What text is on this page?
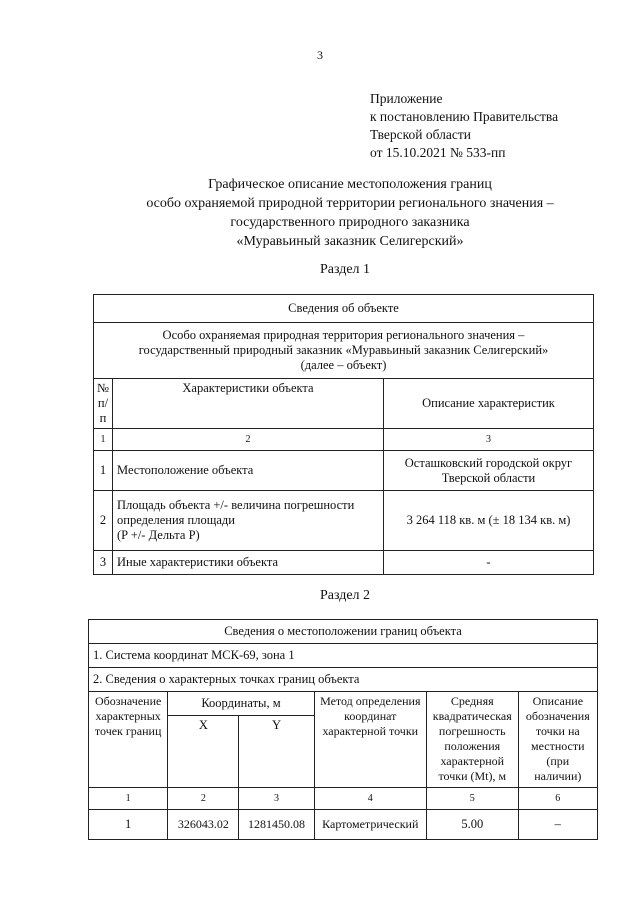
3
Приложение
к постановлению Правительства
Тверской области
от 15.10.2021 № 533-пп
Графическое описание местоположения границ
особо охраняемой природной территории регионального значения –
государственного природного заказника
«Муравьиный заказник Селигерский»
Раздел 1
Сведения об объекте		

Особо охраняемая природная территория регионального значения –
государственный природный заказник «Муравьиный заказник Селигерский»
(далее – объект)		

№ п/п	Характеристики объекта	Описание характеристик
1	2	3
1	Местоположение объекта	Осташковский городской округ
Тверской области

2	Площадь объекта +/- величина погрешности
определения площади
(P +/- Дельта P)	3 264 118 кв. м (± 18 134 кв. м)
3	Иные характеристики объекта	-
Раздел 2
Сведения о местоположении границ объекта					
1. Система координат МСК-69, зона 1					
2. Сведения о характерных точках границ объекта					
Обозначение характерных точек границ	Координаты, м		Метод определения координат характерной точки	Средняя квадратическая погрешность положения характерной точки (Mt), м	Описание обозначения точки на местности (при наличии)
	X	Y			
1	2	3	4	5	6
1	326043.02	1281450.08	Картометрический	5.00	–
